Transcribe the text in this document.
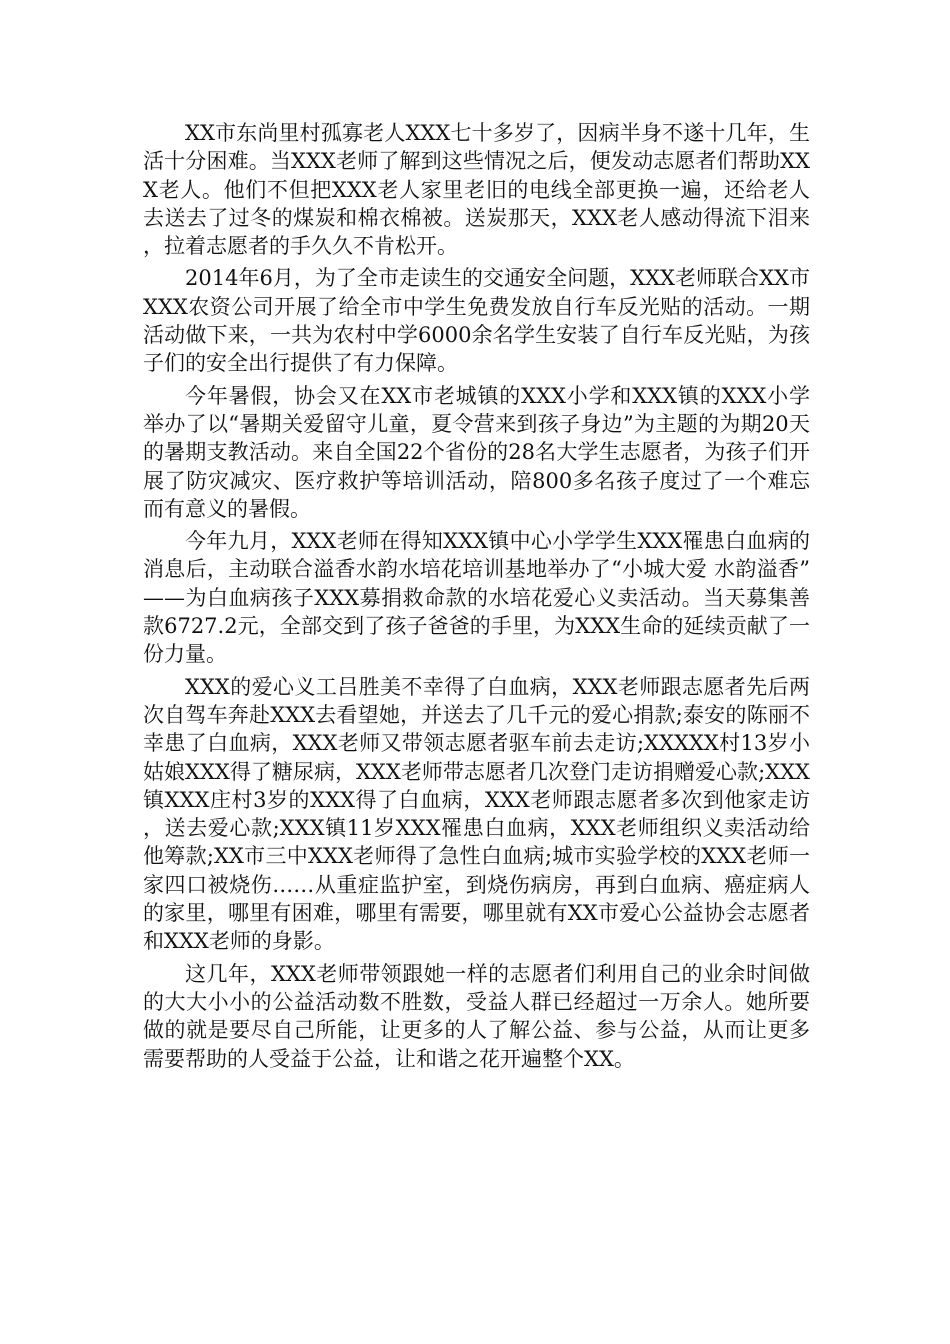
XX市东尚里村孤寡老人XXX七十多岁了，因病半身不遂十几年，生活十分困难。当XXX老师了解到这些情况之后，便发动志愿者们帮助XXX老人。他们不但把XXX老人家里老旧的电线全部更换一遍，还给老人去送去了过冬的煤炭和棉衣棉被。送炭那天，XXX老人感动得流下泪来，拉着志愿者的手久久不肯松开。

2014年6月，为了全市走读生的交通安全问题，XXX老师联合XX市XXX农资公司开展了给全市中学生免费发放自行车反光贴的活动。一期活动做下来，一共为农村中学6000余名学生安装了自行车反光贴，为孩子们的安全出行提供了有力保障。

今年暑假，协会又在XX市老城镇的XXX小学和XXX镇的XXX小学举办了以“暑期关爱留守儿童，夏令营来到孩子身边”为主题的为期20天的暑期支教活动。来自全国22个省份的28名大学生志愿者，为孩子们开展了防灾减灾、医疗救护等培训活动，陪800多名孩子度过了一个难忘而有意义的暑假。

今年九月，XXX老师在得知XXX镇中心小学学生XXX罹患白血病的消息后，主动联合溢香水韵水培花培训基地举办了“小城大爱 水韵溢香”——为白血病孩子XXX募捐救命款的水培花爱心义卖活动。当天募集善款6727.2元，全部交到了孩子爸爸的手里，为XXX生命的延续贡献了一份力量。

XXX的爱心义工吕胜美不幸得了白血病，XXX老师跟志愿者先后两次自驾车奔赴XXX去看望她，并送去了几千元的爱心捐款;泰安的陈丽不幸患了白血病，XXX老师又带领志愿者驱车前去走访;XXXXX村13岁小姑娘XXX得了糖尿病，XXX老师带志愿者几次登门走访捐赠爱心款;XXX镇XXX庄村3岁的XXX得了白血病，XXX老师跟志愿者多次到他家走访，送去爱心款;XXX镇11岁XXX罹患白血病，XXX老师组织义卖活动给他筹款;XX市三中XXX老师得了急性白血病;城市实验学校的XXX老师一家四口被烧伤……从重症监护室，到烧伤病房，再到白血病、癌症病人的家里，哪里有困难，哪里有需要，哪里就有XX市爱心公益协会志愿者和XXX老师的身影。

这几年，XXX老师带领跟她一样的志愿者们利用自己的业余时间做的大大小小的公益活动数不胜数，受益人群已经超过一万余人。她所要做的就是要尽自己所能，让更多的人了解公益、参与公益，从而让更多需要帮助的人受益于公益，让和谐之花开遍整个XX。
